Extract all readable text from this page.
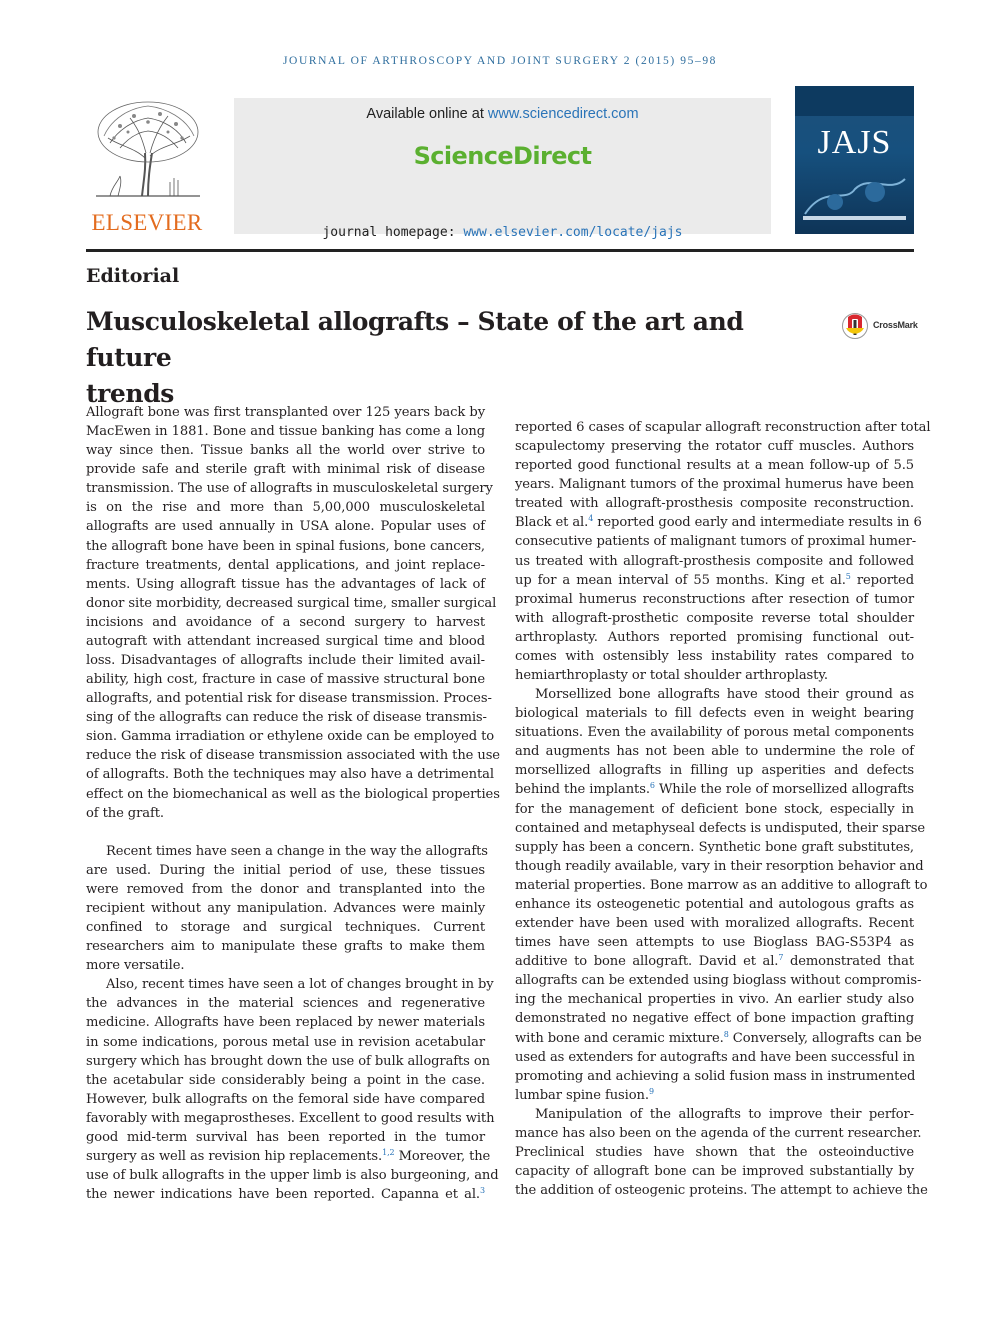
JOURNAL OF ARTHROSCOPY AND JOINT SURGERY 2 (2015) 95–98
ELSEVIER
Available online at www.sciencedirect.com
ScienceDirect
journal homepage: www.elsevier.com/locate/jajs
JAJS
Editorial
Musculoskeletal allografts – State of the art and future
trends
CrossMark
Allograft bone was first transplanted over 125 years back by
MacEwen in 1881. Bone and tissue banking has come a long
way since then. Tissue banks all the world over strive to
provide safe and sterile graft with minimal risk of disease
transmission. The use of allografts in musculoskeletal surgery
is on the rise and more than 5,00,000 musculoskeletal
allografts are used annually in USA alone. Popular uses of
the allograft bone have been in spinal fusions, bone cancers,
fracture treatments, dental applications, and joint replace-
ments. Using allograft tissue has the advantages of lack of
donor site morbidity, decreased surgical time, smaller surgical
incisions and avoidance of a second surgery to harvest
autograft with attendant increased surgical time and blood
loss. Disadvantages of allografts include their limited avail-
ability, high cost, fracture in case of massive structural bone
allografts, and potential risk for disease transmission. Proces-
sing of the allografts can reduce the risk of disease transmis-
sion. Gamma irradiation or ethylene oxide can be employed to
reduce the risk of disease transmission associated with the use
of allografts. Both the techniques may also have a detrimental
effect on the biomechanical as well as the biological properties
of the graft.
Recent times have seen a change in the way the allografts
are used. During the initial period of use, these tissues
were removed from the donor and transplanted into the
recipient without any manipulation. Advances were mainly
confined to storage and surgical techniques. Current
researchers aim to manipulate these grafts to make them
more versatile.
Also, recent times have seen a lot of changes brought in by
the advances in the material sciences and regenerative
medicine. Allografts have been replaced by newer materials
in some indications, porous metal use in revision acetabular
surgery which has brought down the use of bulk allografts on
the acetabular side considerably being a point in the case.
However, bulk allografts on the femoral side have compared
favorably with megaprostheses. Excellent to good results with
good mid-term survival has been reported in the tumor
surgery as well as revision hip replacements.$^{1,2}$ Moreover, the
use of bulk allografts in the upper limb is also burgeoning, and
the newer indications have been reported. Capanna et al.$^3$
reported 6 cases of scapular allograft reconstruction after total
scapulectomy preserving the rotator cuff muscles. Authors
reported good functional results at a mean follow-up of 5.5
years. Malignant tumors of the proximal humerus have been
treated with allograft-prosthesis composite reconstruction.
Black et al.$^4$ reported good early and intermediate results in 6
consecutive patients of malignant tumors of proximal humer-
us treated with allograft-prosthesis composite and followed
up for a mean interval of 55 months. King et al.$^5$ reported
proximal humerus reconstructions after resection of tumor
with allograft-prosthetic composite reverse total shoulder
arthroplasty. Authors reported promising functional out-
comes with ostensibly less instability rates compared to
hemiarthroplasty or total shoulder arthroplasty.
Morsellized bone allografts have stood their ground as
biological materials to fill defects even in weight bearing
situations. Even the availability of porous metal components
and augments has not been able to undermine the role of
morsellized allografts in filling up asperities and defects
behind the implants.$^6$ While the role of morsellized allografts
for the management of deficient bone stock, especially in
contained and metaphyseal defects is undisputed, their sparse
supply has been a concern. Synthetic bone graft substitutes,
though readily available, vary in their resorption behavior and
material properties. Bone marrow as an additive to allograft to
enhance its osteogenetic potential and autologous grafts as
extender have been used with moralized allografts. Recent
times have seen attempts to use Bioglass BAG-S53P4 as
additive to bone allograft. David et al.$^7$ demonstrated that
allografts can be extended using bioglass without compromis-
ing the mechanical properties in vivo. An earlier study also
demonstrated no negative effect of bone impaction grafting
with bone and ceramic mixture.$^8$ Conversely, allografts can be
used as extenders for autografts and have been successful in
promoting and achieving a solid fusion mass in instrumented
lumbar spine fusion.$^9$
Manipulation of the allografts to improve their perfor-
mance has also been on the agenda of the current researcher.
Preclinical studies have shown that the osteoinductive
capacity of allograft bone can be improved substantially by
the addition of osteogenic proteins. The attempt to achieve the
